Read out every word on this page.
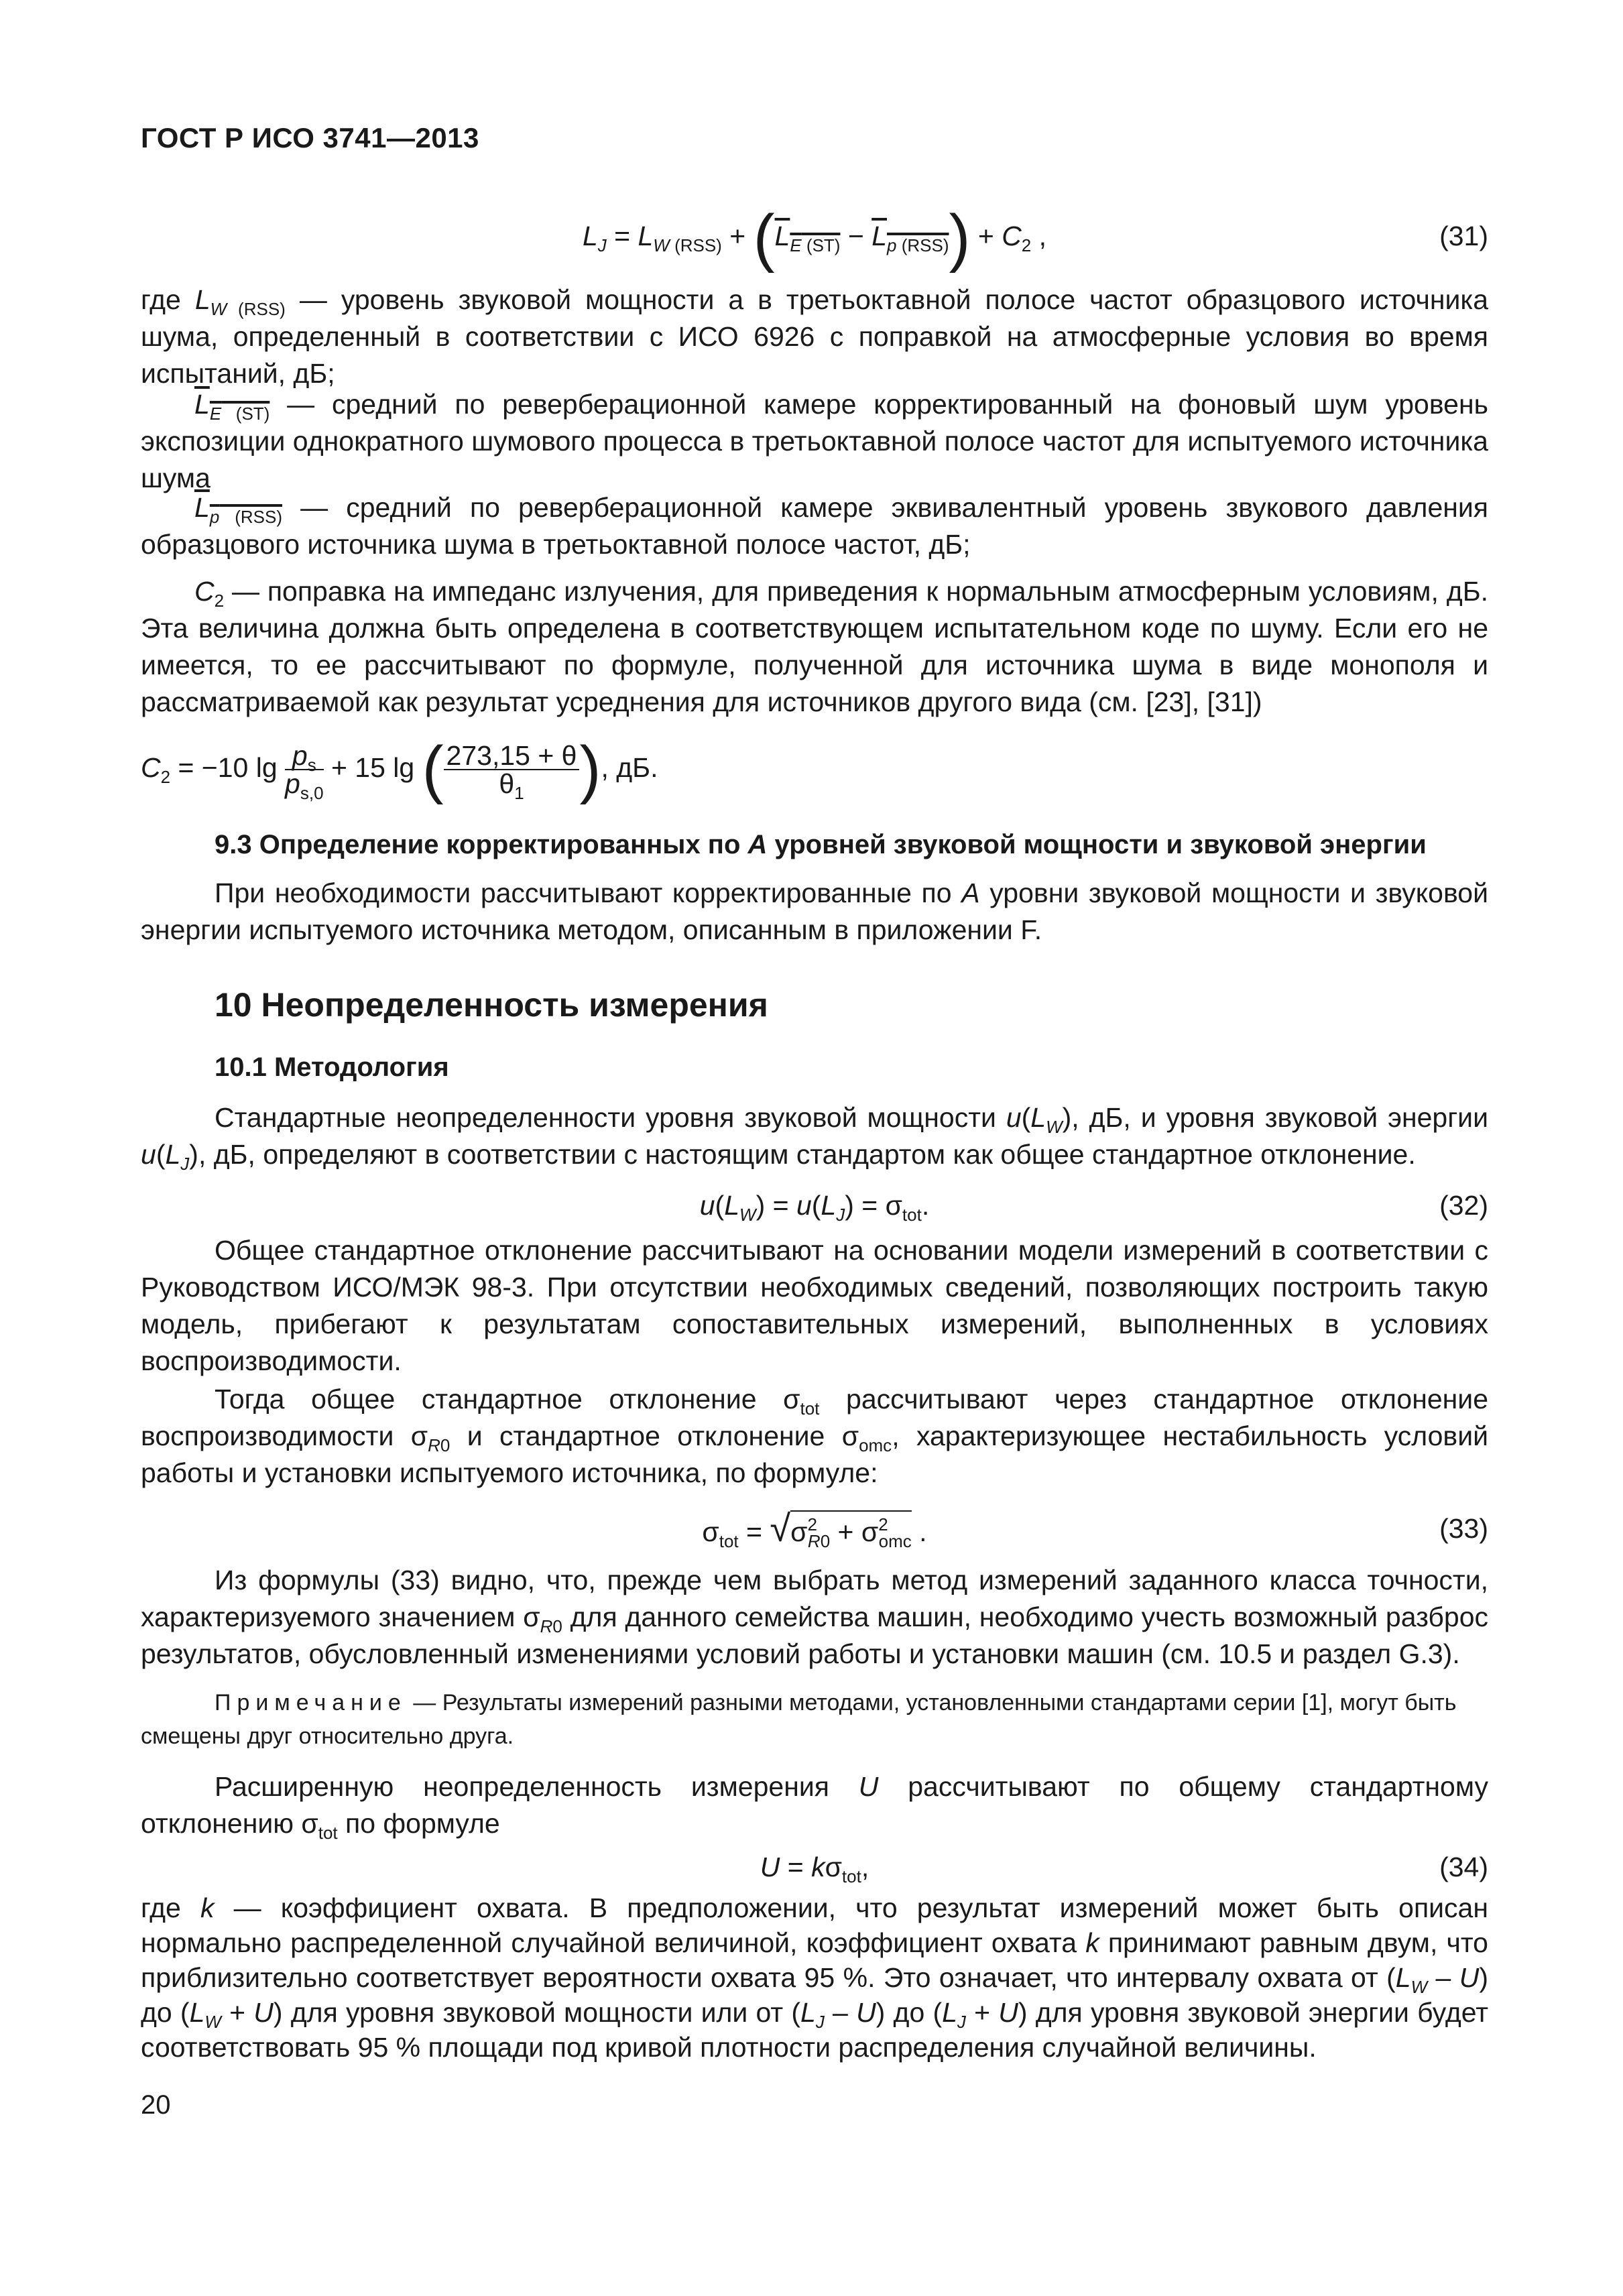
ГОСТ Р ИСО 3741—2013
$L_J = L_{W (RSS)} + (L_{E (ST)} - L_{p (RSS)}) + C_2$ ,	(31)
где $L_{W (RSS)}$ — уровень звуковой мощности а в третьоктавной полосе частот образцового источника шума, определенный в соответствии с ИСО 6926 с поправкой на атмосферные условия во время испытаний, дБ;
$L_{E (ST)}$ — средний по реверберационной камере корректированный на фоновый шум уровень экспозиции однократного шумового процесса в третьоктавной полосе частот для испытуемого источника шума
$L_{p (RSS)}$ — средний по реверберационной камере эквивалентный уровень звукового давления образцового источника шума в третьоктавной полосе частот, дБ;
$C_2$ — поправка на импеданс излучения, для приведения к нормальным атмосферным условиям, дБ. Эта величина должна быть определена в соответствующем испытательном коде по шуму. Если его не имеется, то ее рассчитывают по формуле, полученной для источника шума в виде монополя и рассматриваемой как результат усреднения для источников другого вида (см. [23], [31])
$C_2 = -10$ $\lg \frac{p_s}{p_{s,0}} + 15$ lg ( $\frac{273,15 + \theta}{\theta_1}$ ), дБ.
9.3 Определение корректированных по A уровней звуковой мощности и звуковой энергии
При необходимости рассчитывают корректированные по A уровни звуковой мощности и звуковой энергии испытуемого источника методом, описанным в приложении F.
10 Неопределенность измерения
10.1 Методология
Стандартные неопределенности уровня звуковой мощности $u(L_W)$, дБ, и уровня звуковой энергии $u(L_J)$, дБ, определяют в соответствии с настоящим стандартом как общее стандартное отклонение.
$u(L_W) = u(L_J) = \sigma_{tot}$.	(32)
Общее стандартное отклонение рассчитывают на основании модели измерений в соответствии с Руководством ИСО/МЭК 98-3. При отсутствии необходимых сведений, позволяющих построить такую модель, прибегают к результатам сопоставительных измерений, выполненных в условиях воспроизводимости.
Тогда общее стандартное отклонение $\sigma_{tot}$ рассчитывают через стандартное отклонение воспроизводимости $\sigma_{R0}$ и стандартное отклонение $\sigma_{omc}$, характеризующее нестабильность условий работы и установки испытуемого источника, по формуле:
$\sigma_{tot} = √\sigma^2_{R0} + \sigma^2_{omc}$ .	(33)
Из формулы (33) видно, что, прежде чем выбрать метод измерений заданного класса точности, характеризуемого значением $\sigma_{R0}$ для данного семейства машин, необходимо учесть возможный разброс результатов, обусловленный изменениями условий работы и установки машин (см. 10.5 и раздел G.3).
Примечание — Результаты измерений разными методами, установленными стандартами серии [1], могут быть смещены друг относительно друга.
Расширенную неопределенность измерения U рассчитывают по общему стандартному отклонению $\sigma_{tot}$ по формуле
$U = k\sigma_{tot}$,	(34)
где k — коэффициент охвата. В предположении, что результат измерений может быть описан нормально распределенной случайной величиной, коэффициент охвата k принимают равным двум, что приблизительно соответствует вероятности охвата 95 %. Это означает, что интервалу охвата от $(L_W - U)$ до $(L_W + U)$ для уровня звуковой мощности или от $(L_J - U)$ до $(L_J + U)$ для уровня звуковой энергии будет соответствовать 95 % площади под кривой плотности распределения случайной величины.
20
